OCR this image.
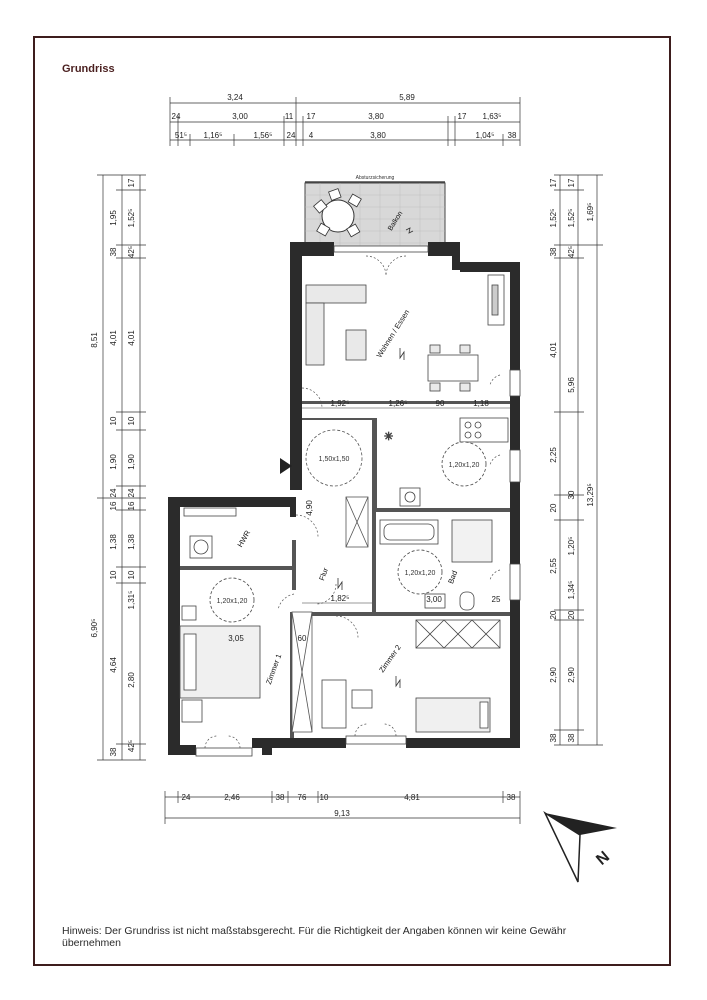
Grundriss
3,24	5,89
24	3,00	11 17	3,80	17 1,63⁵
51⁵ 1,16⁵	1,56⁵ 24 4	3,80	1,04⁵ 38
24	2,46	38 76 10	4,81	38
9,13
8,51
6,90⁵
1,95
38
4,01
10
1,90
24
16
1,38
10
4,64
38
17
1,52⁵
42⁵
4,01
10
1,90
24
16
1,38
10
1,31⁵
2,80
42⁵
17
1,52⁵
38
4,01
2,25
20
2,55
20
2,90
38
17
1,52⁵
42⁵
5,96
30
1,20⁵
1,34⁵
20
2,90
38
1,69⁵
13,29⁵
Absturzsicherung
Balkon
Wohnen / Essen
✳
1,20x1,20
1,50x1,50
Flur	1,20x1,20 Bad
HWR
1,20x1,20
Zimmer 1	Zimmer 2
1,92⁵	1,26⁵	90	1,18
4,90
1,82⁵
3,05	60
25
3,00
N
Hinweis: Der Grundriss ist nicht maßstabsgerecht. Für die Richtigkeit der Angaben können wir keine Gewähr übernehmen
